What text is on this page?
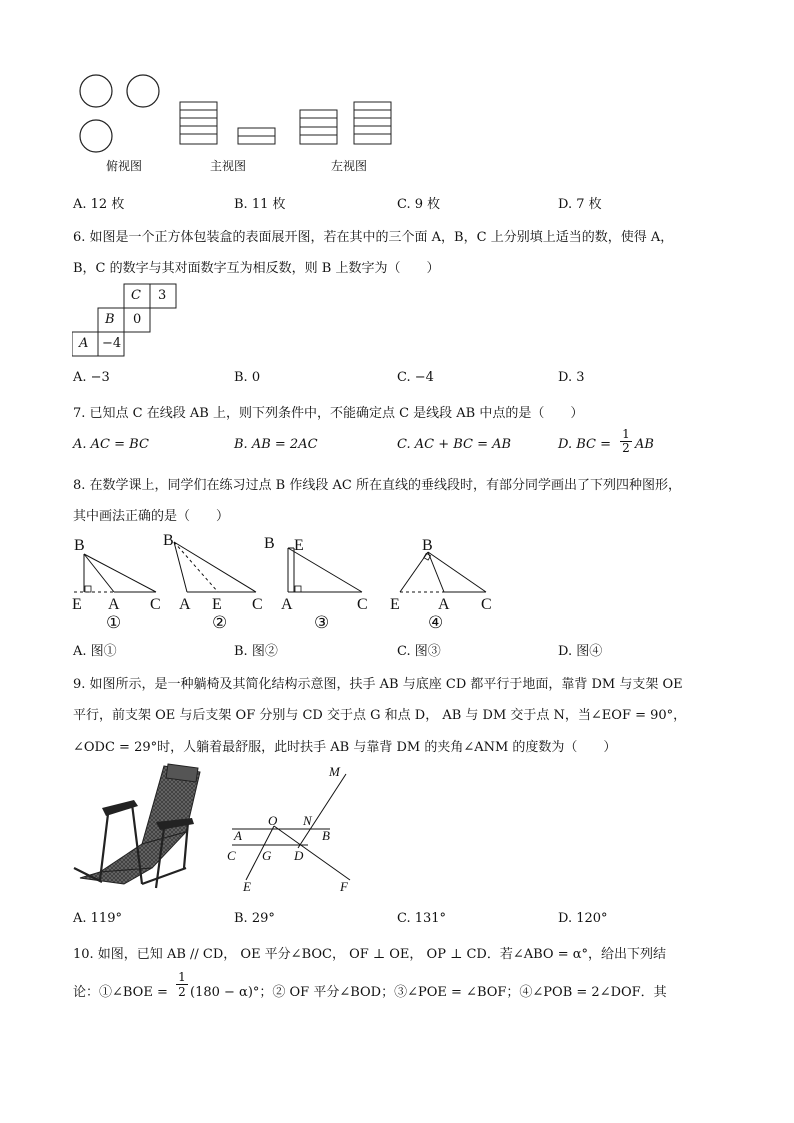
俯视图	主视图	左视图
A. 12 枚	B. 11 枚	C. 9 枚	D. 7 枚
6. 如图是一个正方体包装盒的表面展开图，若在其中的三个面 A，B，C 上分别填上适当的数，使得 A，
B，C 的数字与其对面数字互为相反数，则 B 上数字为（　　）
C 3
B 0
A −4
A. −3	B. 0	C. −4	D. 3
7. 已知点 C 在线段 AB 上，则下列条件中，不能确定点 C 是线段 AB 中点的是（　　）
A. AC = BC	B. AB = 2AC	C. AC + BC = AB	D. BC = $\frac{1}{2}$ AB
8. 在数学课上，同学们在练习过点 B 作线段 AC 所在直线的垂线段时，有部分同学画出了下列四种图形，
其中画法正确的是（　　）
B
E A C
B
A E C
B E
A	C
B
E A C
①	②	③	④
A. 图①	B. 图②	C. 图③	D. 图④
9. 如图所示，是一种躺椅及其简化结构示意图，扶手 AB 与底座 CD 都平行于地面，靠背 DM 与支架 OE
平行，前支架 OE 与后支架 OF 分别与 CD 交于点 G 和点 D， AB 与 DM 交于点 N，当∠EOF = 90°，
∠ODC = 29°时，人躺着最舒服，此时扶手 AB 与靠背 DM 的夹角∠ANM 的度数为（　　）
M
O N
A	B
C G D
E	F
A. 119°	B. 29°	C. 131°	D. 120°
10. 如图，已知 AB // CD， OE 平分∠BOC， OF ⊥ OE， OP ⊥ CD．若∠ABO = α°，给出下列结
论：①∠BOE = $\frac{1}{2} (180 - \alpha)^\circ$；② OF 平分∠BOD；③∠POE = ∠BOF；④∠POB = 2∠DOF．其
